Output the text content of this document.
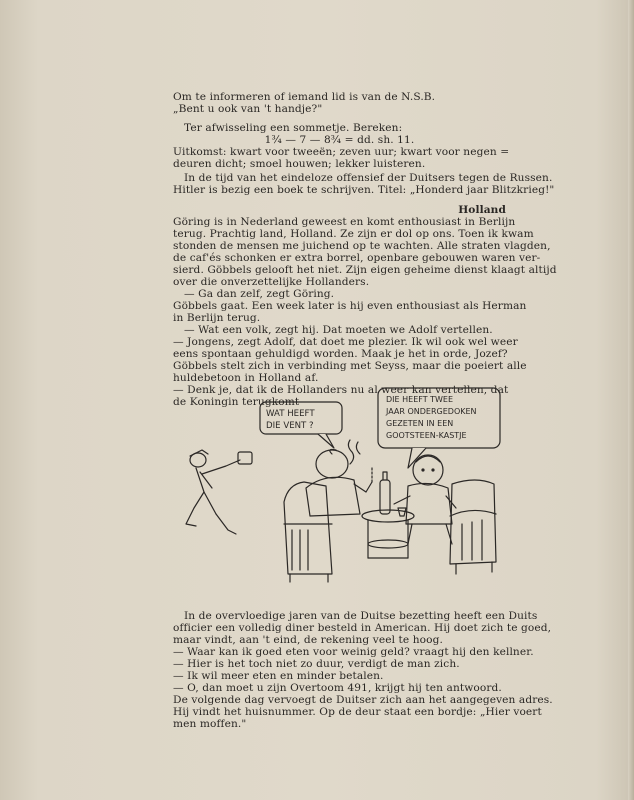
Om te informeren of iemand lid is van de N.S.B.
„Bent u ook van 't handje?"
Ter afwisseling een sommetje. Bereken:
1¾ — 7 — 8¾ = dd. sh. 11.
Uitkomst: kwart voor tweeën; zeven uur; kwart voor negen =
deuren dicht; smoel houwen; lekker luisteren.
In de tijd van het eindeloze offensief der Duitsers tegen de Russen.
Hitler is bezig een boek te schrijven. Titel: „Honderd jaar Blitzkrieg!"
Holland
Göring is in Nederland geweest en komt enthousiast in Berlijn
terug. Prachtig land, Holland. Ze zijn er dol op ons. Toen ik kwam
stonden de mensen me juichend op te wachten. Alle straten vlagden,
de caf'és schonken er extra borrel, openbare gebouwen waren ver-
sierd. Göbbels gelooft het niet. Zijn eigen geheime dienst klaagt altijd
over die onverzettelijke Hollanders.
— Ga dan zelf, zegt Göring.
Göbbels gaat. Een week later is hij even enthousiast als Herman
in Berlijn terug.
— Wat een volk, zegt hij. Dat moeten we Adolf vertellen.
— Jongens, zegt Adolf, dat doet me plezier. Ik wil ook wel weer
eens spontaan gehuldigd worden. Maak je het in orde, Jozef?
Göbbels stelt zich in verbinding met Seyss, maar die poeiert alle
huldebetoon in Holland af.
— Denk je, dat ik de Hollanders nu al weer kan vertellen, dat
de Koningin terugkomt
WAT HEEFT
DIE VENT ?
DIE HEEFT TWEE
JAAR ONDERGEDOKEN
GEZETEN IN EEN
GOOTSTEEN-KASTJE
In de overvloedige jaren van de Duitse bezetting heeft een Duits
officier een volledig diner besteld in American. Hij doet zich te goed,
maar vindt, aan 't eind, de rekening veel te hoog.
— Waar kan ik goed eten voor weinig geld? vraagt hij den kellner.
— Hier is het toch niet zo duur, verdigt de man zich.
— Ik wil meer eten en minder betalen.
— O, dan moet u zijn Overtoom 491, krijgt hij ten antwoord.
De volgende dag vervoegt de Duitser zich aan het aangegeven adres.
Hij vindt het huisnummer. Op de deur staat een bordje: „Hier voert
men moffen."
